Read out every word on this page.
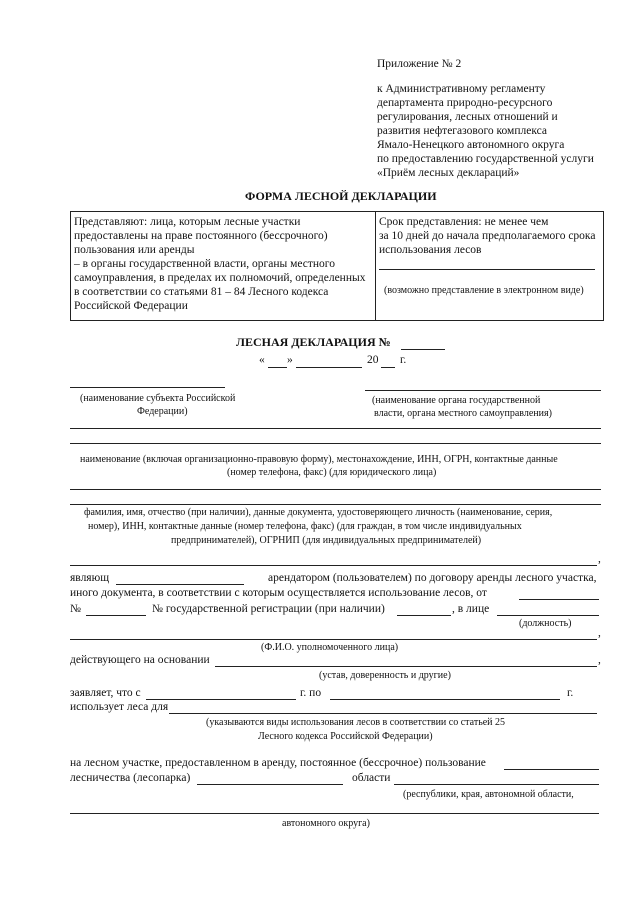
Приложение № 2
к Административному регламенту
департамента природно-ресурсного
регулирования, лесных отношений и
развития нефтегазового комплекса
Ямало-Ненецкого автономного округа
по предоставлению государственной услуги
«Приём лесных деклараций»
ФОРМА ЛЕСНОЙ ДЕКЛАРАЦИИ
Представляют: лица, которым лесные участки
предоставлены на праве постоянного (бессрочного)
пользования или аренды
– в органы государственной власти, органы местного
самоуправления, в пределах их полномочий, определенных
в соответствии со статьями 81 – 84 Лесного кодекса
Российской Федерации
Срок представления: не менее чем
за 10 дней до начала предполагаемого срока
использования лесов
(возможно представление в электронном виде)
ЛЕСНАЯ ДЕКЛАРАЦИЯ №
« »	20 г.
(наименование субъекта Российской
Федерации)
(наименование органа государственной
власти, органа местного самоуправления)
наименование (включая организационно-правовую форму), местонахождение, ИНН, ОГРН, контактные данные
(номер телефона, факс) (для юридического лица)
фамилия, имя, отчество (при наличии), данные документа, удостоверяющего личность (наименование, серия,
номер), ИНН, контактные данные (номер телефона, факс) (для граждан, в том числе индивидуальных
предпринимателей), ОГРНИП (для индивидуальных предпринимателей)
,
являющ	арендатором (пользователем) по договору аренды лесного участка,
иного документа, в соответствии с которым осуществляется использование лесов, от
№	№ государственной регистрации (при наличии)	, в лице
(должность)
,
(Ф.И.О. уполномоченного лица)
действующего на основании	,
(устав, доверенность и другие)
заявляет, что с	г. по	г.
использует леса для
(указываются виды использования лесов в соответствии со статьей 25
Лесного кодекса Российской Федерации)
на лесном участке, предоставленном в аренду, постоянное (бессрочное) пользование
лесничества (лесопарка)	области
(республики, края, автономной области,
автономного округа)
